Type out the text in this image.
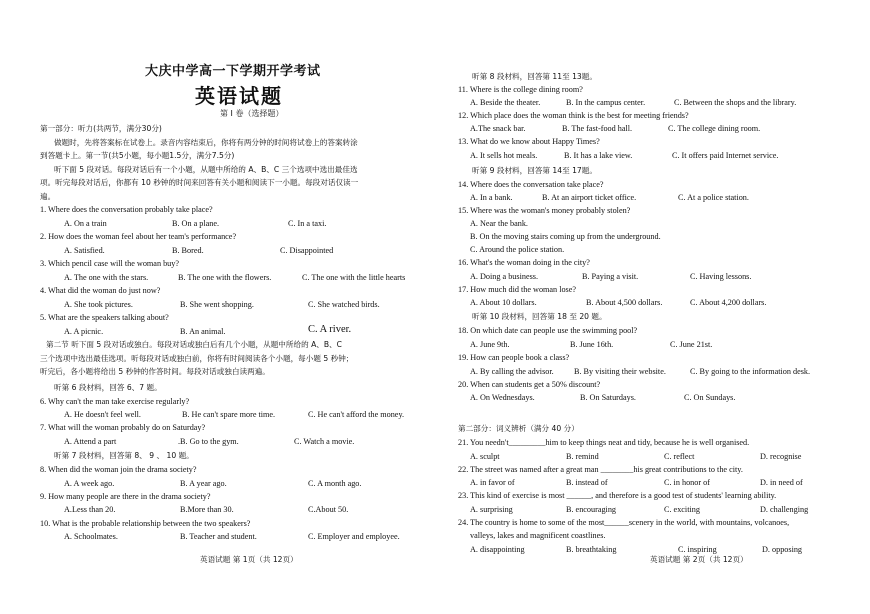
大庆中学高一下学期开学考试
英语试题
第 I 卷（选择题）
第一部分：听力(共两节，满分30分)
做题时，先将答案标在试卷上。录音内容结束后，你将有两分钟的时间将试卷上的答案转涂
到答题卡上。第一节(共5小题，每小题1.5分，满分7.5分)
听下面 5 段对话。每段对话后有一个小题，从题中所给的 A、B、C 三个选项中选出最佳选
项。听完每段对话后，你都有 10 秒钟的时间来回答有关小题和阅读下一小题。每段对话仅读一
遍。
1. Where does the conversation probably take place?
A. On a train	B. On a plane.	C. In a taxi.
2. How does the woman feel about her team's performance?
A. Satisfied.	B. Bored.	C. Disappointed
3. Which pencil case will the woman buy?
A. The one with the stars.	B. The one with the flowers.	C. The one with the little hearts
4. What did the woman do just now?
A. She took pictures.	B. She went shopping.	C. She watched birds.
5. What are the speakers talking about?
A. A picnic.	B. An animal.	C. A river.
第二节 听下面 5 段对话或独白。每段对话或独白后有几个小题，从题中所给的 A、B、C
三个选项中选出最佳选项。听每段对话或独白前，你将有时间阅读各个小题，每小题 5 秒钟；
听完后，各小题将给出 5 秒钟的作答时间。每段对话或独白读两遍。
听第 6 段材料，回答 6、7 题。
6. Why can't the man take exercise regularly?
A. He doesn't feel well.	B. He can't spare more time.	C. He can't afford the money.
7. What will the woman probably do on Saturday?
A. Attend a part	.B. Go to the gym.	C. Watch a movie.
听第 7 段材料，回答第 8、 9 、 10 题。
8. When did the woman join the drama society?
A. A week ago.	B. A year ago.	C. A month ago.
9. How many people are there in the drama society?
A.Less than 20.	B.More than 30.	C.About 50.
10. What is the probable relationship between the two speakers?
A. Schoolmates.	B. Teacher and student.	C. Employer and employee.
英语试题 第 1页（共 12页）
听第 8 段材料，回答第 11至 13题。
11. Where is the college dining room?
A. Beside the theater.	B. In the campus center.	C. Between the shops and the library.
12. Which place does the woman think is the best for meeting friends?
A.The snack bar.	B. The fast-food hall.	C. The college dining room.
13. What do we know about Happy Times?
A. It sells hot meals.	B. It has a lake view.	C. It offers paid Internet service.
听第 9 段材料，回答第 14至 17题。
14. Where does the conversation take place?
A. In a bank.	B. At an airport ticket office.	C. At a police station.
15. Where was the woman's money probably stolen?
A. Near the bank.
B. On the moving stairs coming up from the underground.
C. Around the police station.
16. What's the woman doing in the city?
A. Doing a business.	B. Paying a visit.	C. Having lessons.
17. How much did the woman lose?
A. About 10 dollars.	B. About 4,500 dollars.	C. About 4,200 dollars.
听第 10 段材料，回答第 18 至 20 题。
18. On which date can people use the swimming pool?
A. June 9th.	B. June 16th.	C. June 21st.
19. How can people book a class?
A. By calling the advisor. B. By visiting their website.	C. By going to the information desk.
20. When can students get a 50% discount?
A. On Wednesdays.	B. On Saturdays.	C. On Sundays.
第二部分：词义辨析（满分 40 分）
21. You needn't_________him to keep things neat and tidy, because he is well organised.
A. sculpt	B. remind	C. reflect	D. recognise
22. The street was named after a great man ________his great contributions to the city.
A. in favor of	B. instead of	C. in honor of	D. in need of
23. This kind of exercise is most ______, and therefore is a good test of students' learning ability.
A. surprising	B. encouraging	C. exciting	D. challenging
24. The country is home to some of the most______scenery in the world, with mountains, volcanoes,
valleys, lakes and magnificent coastlines.
A. disappointing	B. breathtaking	C. inspiring	D. opposing
英语试题 第 2页（共 12页）
